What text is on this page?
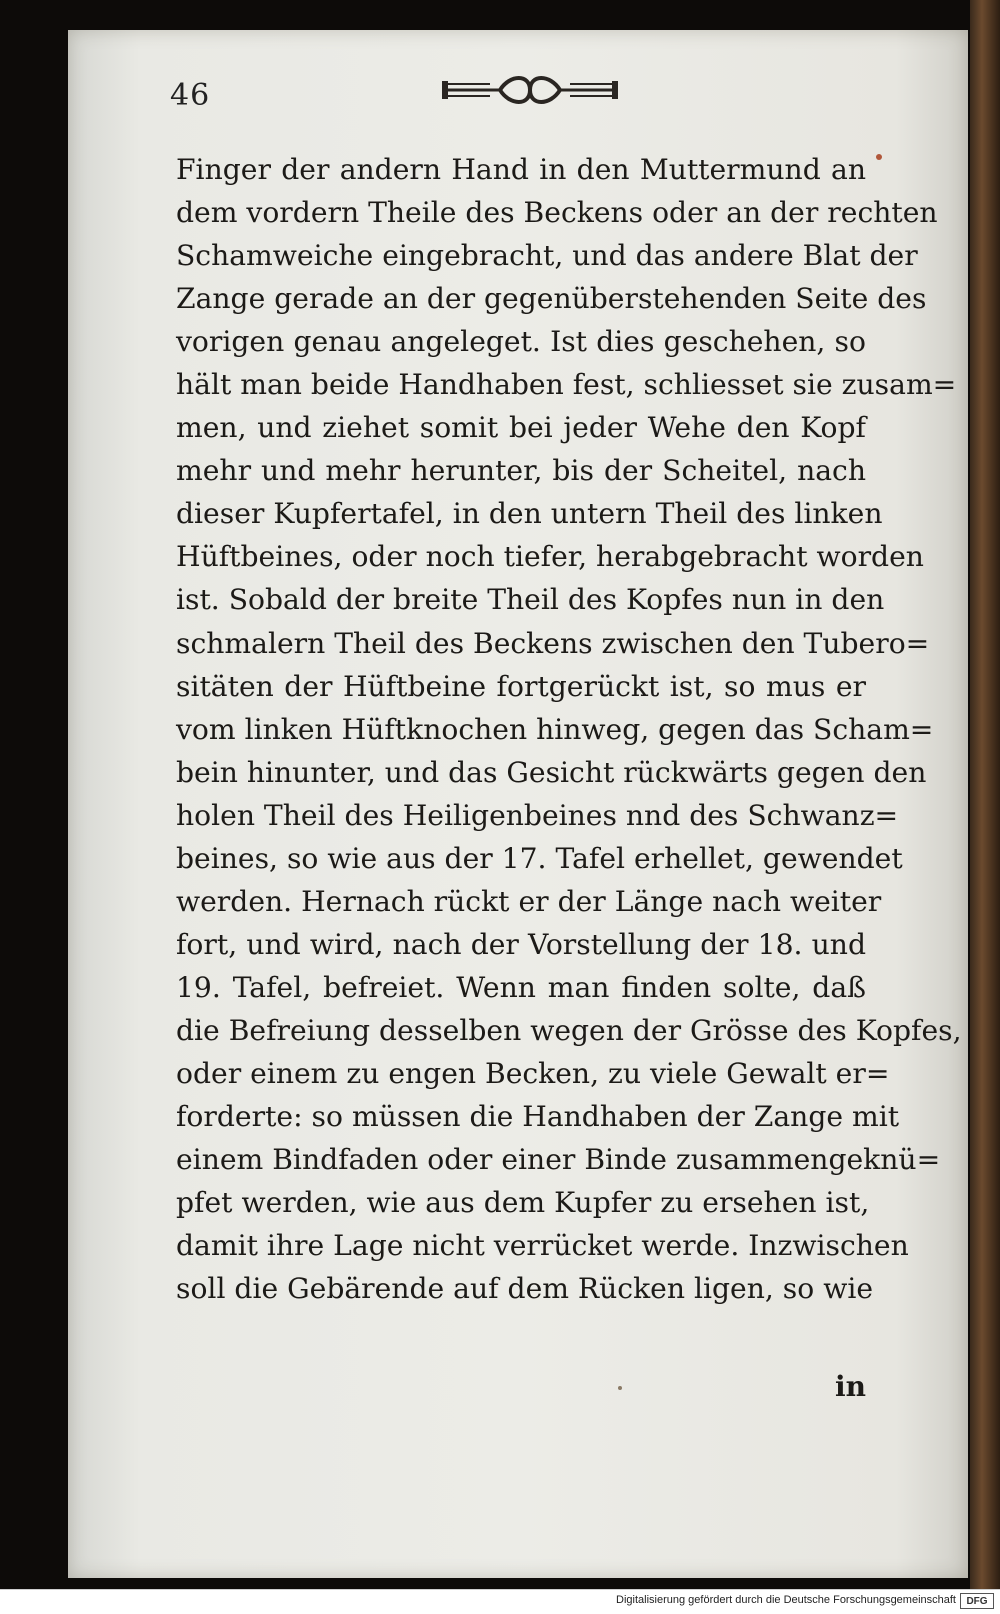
46
Finger der andern Hand in den Muttermund an
dem vordern Theile des Beckens oder an der rechten
Schamweiche eingebracht, und das andere Blat der
Zange gerade an der gegenüberstehenden Seite des
vorigen genau angeleget. Ist dies geschehen, so
hält man beide Handhaben fest, schliesset sie zusam=
men, und ziehet somit bei jeder Wehe den Kopf
mehr und mehr herunter, bis der Scheitel, nach
dieser Kupfertafel, in den untern Theil des linken
Hüftbeines, oder noch tiefer, herabgebracht worden
ist. Sobald der breite Theil des Kopfes nun in den
schmalern Theil des Beckens zwischen den Tubero=
sitäten der Hüftbeine fortgerückt ist, so mus er
vom linken Hüftknochen hinweg, gegen das Scham=
bein hinunter, und das Gesicht rückwärts gegen den
holen Theil des Heiligenbeines nnd des Schwanz=
beines, so wie aus der 17. Tafel erhellet, gewendet
werden. Hernach rückt er der Länge nach weiter
fort, und wird, nach der Vorstellung der 18. und
19. Tafel, befreiet. Wenn man finden solte, daß
die Befreiung desselben wegen der Grösse des Kopfes,
oder einem zu engen Becken, zu viele Gewalt er=
forderte: so müssen die Handhaben der Zange mit
einem Bindfaden oder einer Binde zusammengeknü=
pfet werden, wie aus dem Kupfer zu ersehen ist,
damit ihre Lage nicht verrücket werde. Inzwischen
soll die Gebärende auf dem Rücken ligen, so wie
in
Digitalisierung gefördert durch die Deutsche Forschungsgemeinschaft	DFG
